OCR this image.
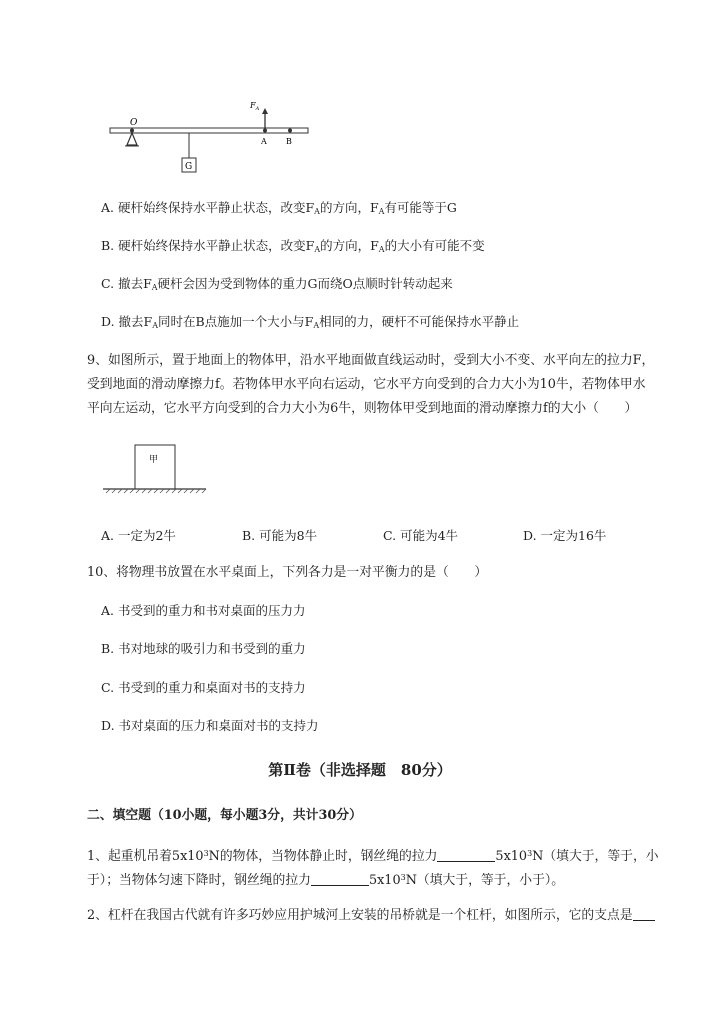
O
G
$F_A$
A B
A. 硬杆始终保持水平静止状态，改变$F_A$的方向，$F_A$有可能等于G
B. 硬杆始终保持水平静止状态，改变$F_A$的方向，$F_A$的大小有可能不变
C. 撤去$F_A$硬杆会因为受到物体的重力G而绕O点顺时针转动起来
D. 撤去$F_A$同时在B点施加一个大小与$F_A$相同的力，硬杆不可能保持水平静止
9、如图所示，置于地面上的物体甲，沿水平地面做直线运动时，受到大小不变、水平向左的拉力F，
受到地面的滑动摩擦力f。若物体甲水平向右运动，它水平方向受到的合力大小为10牛，若物体甲水
平向左运动，它水平方向受到的合力大小为6牛，则物体甲受到地面的滑动摩擦力f的大小（　　）
甲
A. 一定为2牛	B. 可能为8牛	C. 可能为4牛	D. 一定为16牛
10、将物理书放置在水平桌面上，下列各力是一对平衡力的是（　　）
A. 书受到的重力和书对桌面的压力力
B. 书对地球的吸引力和书受到的重力
C. 书受到的重力和桌面对书的支持力
D. 书对桌面的压力和桌面对书的支持力
第Ⅱ卷（非选择题　80分）
二、填空题（10小题，每小题3分，共计30分）
1、起重机吊着$5x10^3N$的物体，当物体静止时，钢丝绳的拉力	$5x10^3N$（填大于，等于，小
于）；当物体匀速下降时，钢丝绳的拉力	$5x10^3N$（填大于，等于，小于）。
2、杠杆在我国古代就有许多巧妙应用护城河上安装的吊桥就是一个杠杆，如图所示，它的支点是
